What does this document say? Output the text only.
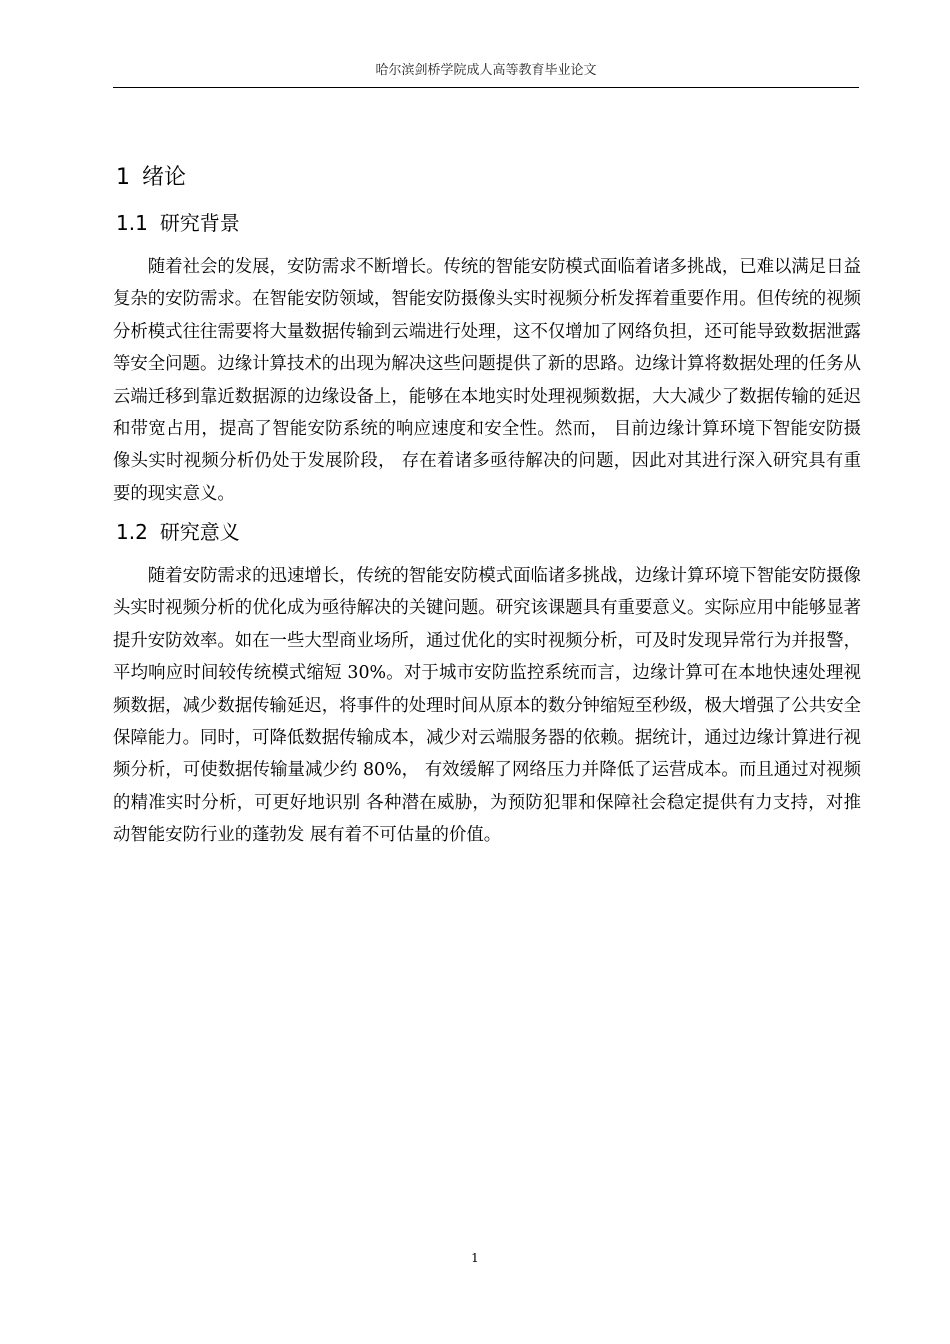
哈尔滨剑桥学院成人高等教育毕业论文
1 绪论
1.1 研究背景

随着社会的发展，安防需求不断增长。传统的智能安防模式面临着诸多挑战，已难以满足日益复杂的安防需求。在智能安防领域，智能安防摄像头实时视频分析发挥着重要作用。但传统的视频分析模式往往需要将大量数据传输到云端进行处理，这不仅增加了网络负担，还可能导致数据泄露等安全问题。边缘计算技术的出现为解决这些问题提供了新的思路。边缘计算将数据处理的任务从云端迁移到靠近数据源的边缘设备上，能够在本地实时处理视频数据，大大减少了数据传输的延迟和带宽占用，提高了智能安防系统的响应速度和安全性。然而， 目前边缘计算环境下智能安防摄像头实时视频分析仍处于发展阶段， 存在着诸多亟待解决的问题，因此对其进行深入研究具有重要的现实意义。

1.2 研究意义

随着安防需求的迅速增长，传统的智能安防模式面临诸多挑战，边缘计算环境下智能安防摄像头实时视频分析的优化成为亟待解决的关键问题。研究该课题具有重要意义。实际应用中能够显著提升安防效率。如在一些大型商业场所，通过优化的实时视频分析，可及时发现异常行为并报警，平均响应时间较传统模式缩短 30%。对于城市安防监控系统而言，边缘计算可在本地快速处理视频数据，减少数据传输延迟，将事件的处理时间从原本的数分钟缩短至秒级，极大增强了公共安全保障能力。同时，可降低数据传输成本，减少对云端服务器的依赖。据统计，通过边缘计算进行视频分析，可使数据传输量减少约 80%， 有效缓解了网络压力并降低了运营成本。而且通过对视频的精准实时分析，可更好地识别 各种潜在威胁，为预防犯罪和保障社会稳定提供有力支持，对推动智能安防行业的蓬勃发 展有着不可估量的价值。

1
